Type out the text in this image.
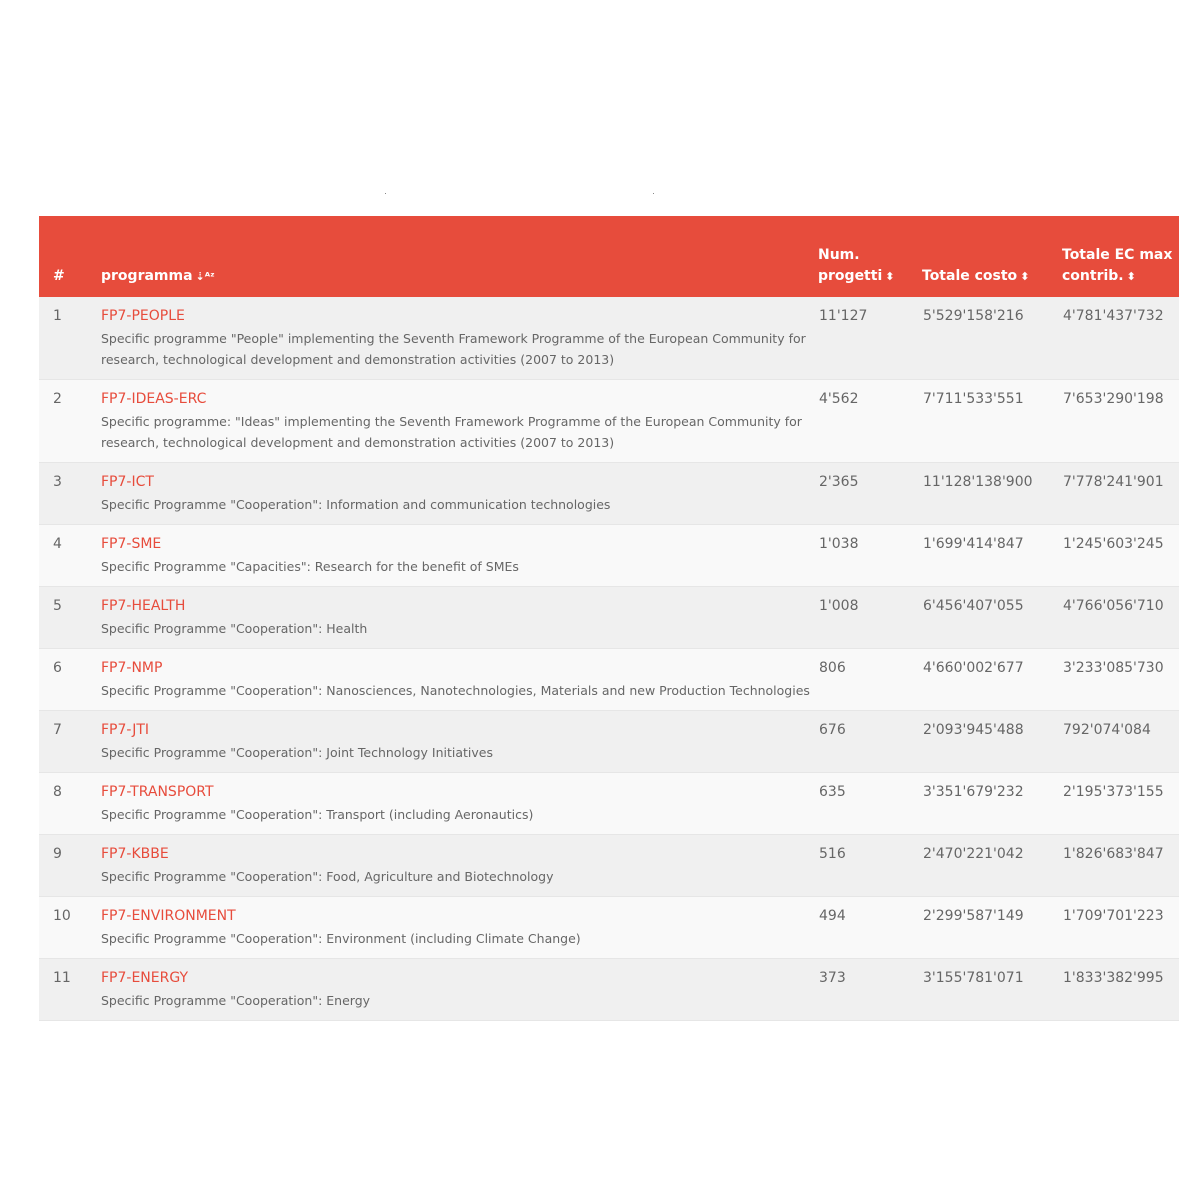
#	programma ⇣ᴬᶻ	Num. progetti ⬍	Totale costo ⬍	Totale EC max contrib. ⬍
1	FP7-PEOPLE
Specific programme "People" implementing the Seventh Framework Programme of the European Community for research, technological development and demonstration activities (2007 to 2013)	11'127	5'529'158'216	4'781'437'732
2	FP7-IDEAS-ERC
Specific programme: "Ideas" implementing the Seventh Framework Programme of the European Community for research, technological development and demonstration activities (2007 to 2013)	4'562	7'711'533'551	7'653'290'198
3	FP7-ICT
Specific Programme "Cooperation": Information and communication technologies	2'365	11'128'138'900	7'778'241'901
4	FP7-SME
Specific Programme "Capacities": Research for the benefit of SMEs	1'038	1'699'414'847	1'245'603'245
5	FP7-HEALTH
Specific Programme "Cooperation": Health	1'008	6'456'407'055	4'766'056'710
6	FP7-NMP
Specific Programme "Cooperation": Nanosciences, Nanotechnologies, Materials and new Production Technologies	806	4'660'002'677	3'233'085'730
7	FP7-JTI
Specific Programme "Cooperation": Joint Technology Initiatives	676	2'093'945'488	792'074'084
8	FP7-TRANSPORT
Specific Programme "Cooperation": Transport (including Aeronautics)	635	3'351'679'232	2'195'373'155
9	FP7-KBBE
Specific Programme "Cooperation": Food, Agriculture and Biotechnology	516	2'470'221'042	1'826'683'847
10	FP7-ENVIRONMENT
Specific Programme "Cooperation": Environment (including Climate Change)	494	2'299'587'149	1'709'701'223
11	FP7-ENERGY
Specific Programme "Cooperation": Energy	373	3'155'781'071	1'833'382'995
